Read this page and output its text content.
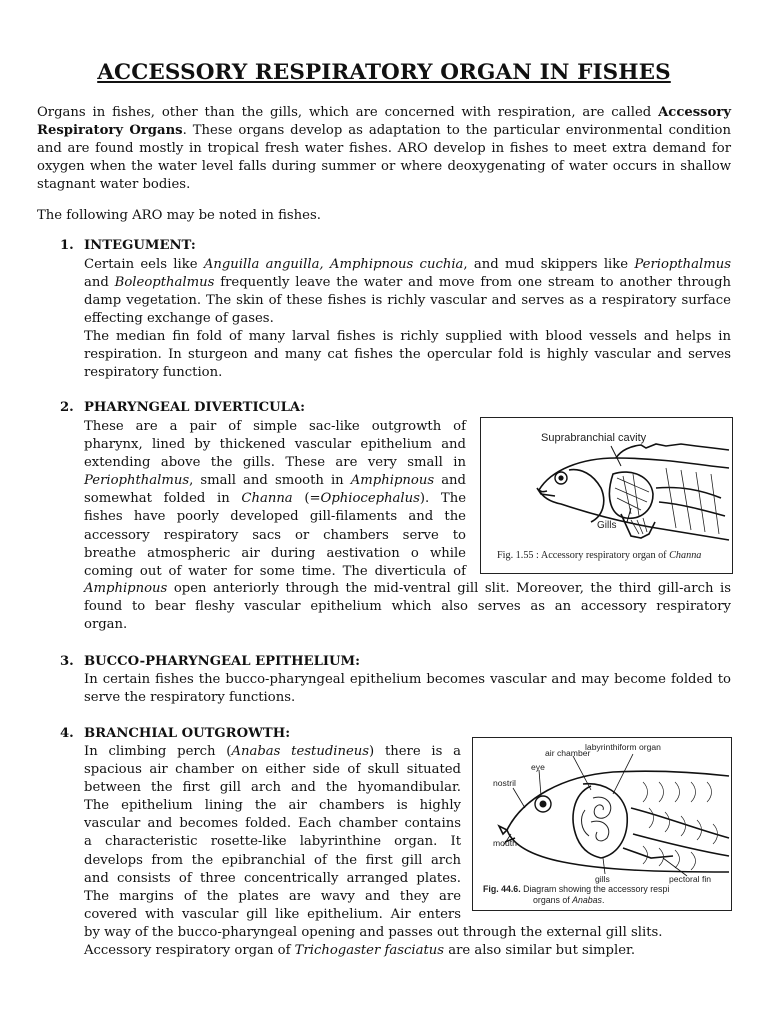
ACCESSORY RESPIRATORY ORGAN IN FISHES

Organs in fishes, other than the gills, which are concerned with respiration, are called Accessory Respiratory Organs. These organs develop as adaptation to the particular environmental condition and are found mostly in tropical fresh water fishes. ARO develop in fishes to meet extra demand for oxygen when the water level falls during summer or where deoxygenating of water occurs in shallow stagnant water bodies.

The following ARO may be noted in fishes.

1. INTEGUMENT:

Certain eels like Anguilla anguilla, Amphipnous cuchia, and mud skippers like Periopthalmus and Boleopthalmus frequently leave the water and move from one stream to another through damp vegetation. The skin of these fishes is richly vascular and serves as a respiratory surface effecting exchange of gases.

The median fin fold of many larval fishes is richly supplied with blood vessels and helps in respiration. In sturgeon and many cat fishes the opercular fold is highly vascular and serves respiratory function.

2. PHARYNGEAL DIVERTICULA:
These are a pair of simple sac-like outgrowth of
pharynx, lined by thickened vascular epithelium and
extending above the gills. These are very small in
Periophthalmus, small and smooth in Amphipnous and
somewhat folded in Channa (=Ophiocephalus). The
fishes have poorly developed gill-filaments and the
accessory respiratory sacs or chambers serve to
breathe atmospheric air during aestivation o while
coming out of water for some time. The diverticula of
Amphipnous open anteriorly through the mid-ventral gill slit. Moreover, the third gill-arch is
found to bear fleshy vascular epithelium which also serves as an accessory respiratory
organ.
Suprabranchial cavity
Gills
Fig. 1.55 : Accessory respiratory organ of Channa
3. BUCCO-PHARYNGEAL EPITHELIUM:

In certain fishes the bucco-pharyngeal epithelium becomes vascular and may become folded to serve the respiratory functions.

4. BRANCHIAL OUTGROWTH:
In climbing perch (Anabas testudineus) there is a
spacious air chamber on either side of skull situated
between the first gill arch and the hyomandibular.
The epithelium lining the air chambers is highly
vascular and becomes folded. Each chamber contains
a characteristic rosette-like labyrinthine organ. It
develops from the epibranchial of the first gill arch
and consists of three concentrically arranged plates.
The margins of the plates are wavy and they are
covered with vascular gill like epithelium. Air enters
by way of the bucco-pharyngeal opening and passes out through the external gill slits.
Accessory respiratory organ of Trichogaster fasciatus are also similar but simpler.
labyrinthiform organ
air chamber
eye
nostril
mouth
gills	pectoral fin
Fig. 44.6. Diagram showing the accessory respi
organs of Anabas.
